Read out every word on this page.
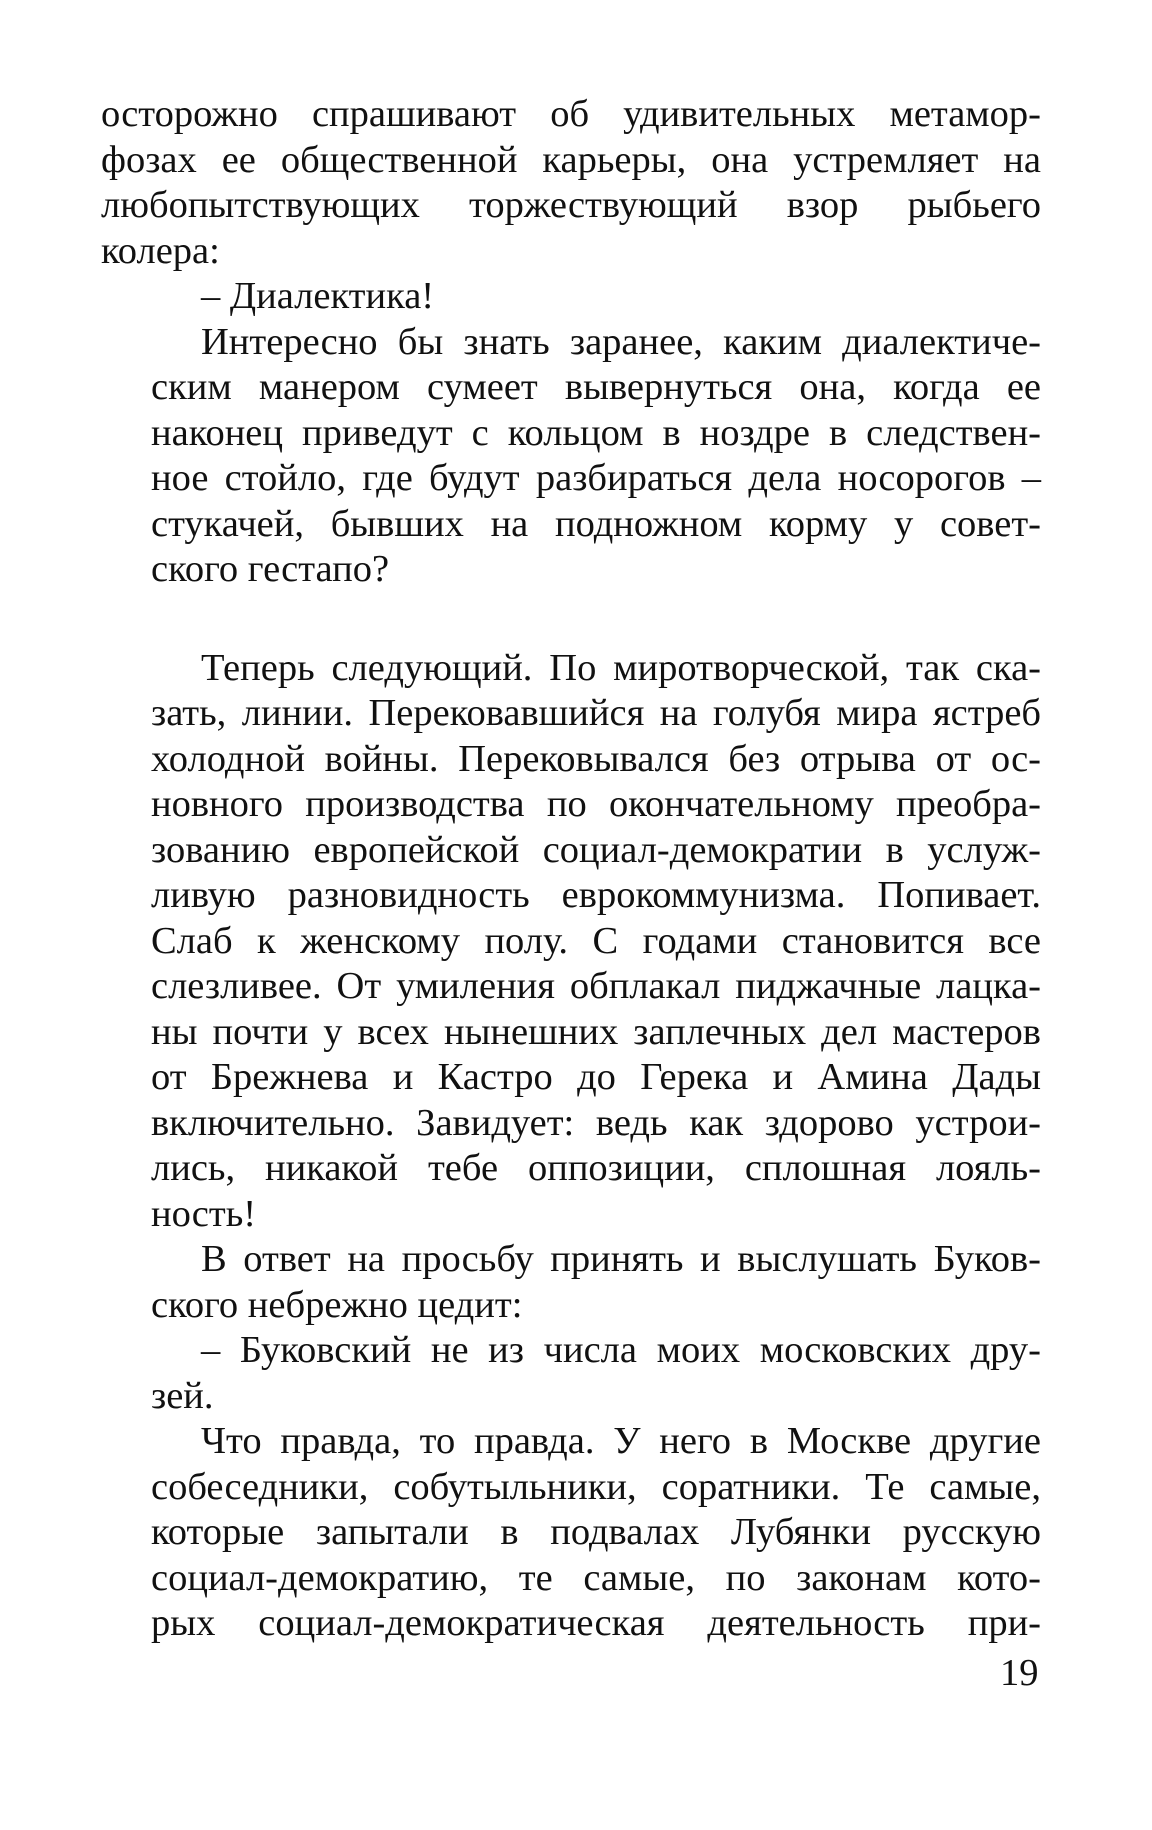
осторожно спрашивают об удивительных метамор-
фозах ее общественной карьеры, она устремляет на
любопытствующих торжествующий взор рыбьего
колера:
– Диалектика!
Интересно бы знать заранее, каким диалектиче-
ским манером сумеет вывернуться она, когда ее
наконец приведут с кольцом в ноздре в следствен-
ное стойло, где будут разбираться дела носорогов –
стукачей, бывших на подножном корму у совет-
ского гестапо?
Теперь следующий. По миротворческой, так ска-
зать, линии. Перековавшийся на голубя мира ястреб
холодной войны. Перековывался без отрыва от ос-
новного производства по окончательному преобра-
зованию европейской социал-демократии в услуж-
ливую разновидность еврокоммунизма. Попивает.
Слаб к женскому полу. С годами становится все
слезливее. От умиления обплакал пиджачные лацка-
ны почти у всех нынешних заплечных дел мастеров
от Брежнева и Кастро до Герека и Амина Дады
включительно. Завидует: ведь как здорово устрои-
лись, никакой тебе оппозиции, сплошная лояль-
ность!
В ответ на просьбу принять и выслушать Буков-
ского небрежно цедит:
– Буковский не из числа моих московских дру-
зей.
Что правда, то правда. У него в Москве другие
собеседники, собутыльники, соратники. Те самые,
которые запытали в подвалах Лубянки русскую
социал-демократию, те самые, по законам кото-
рых социал-демократическая деятельность при-
19
